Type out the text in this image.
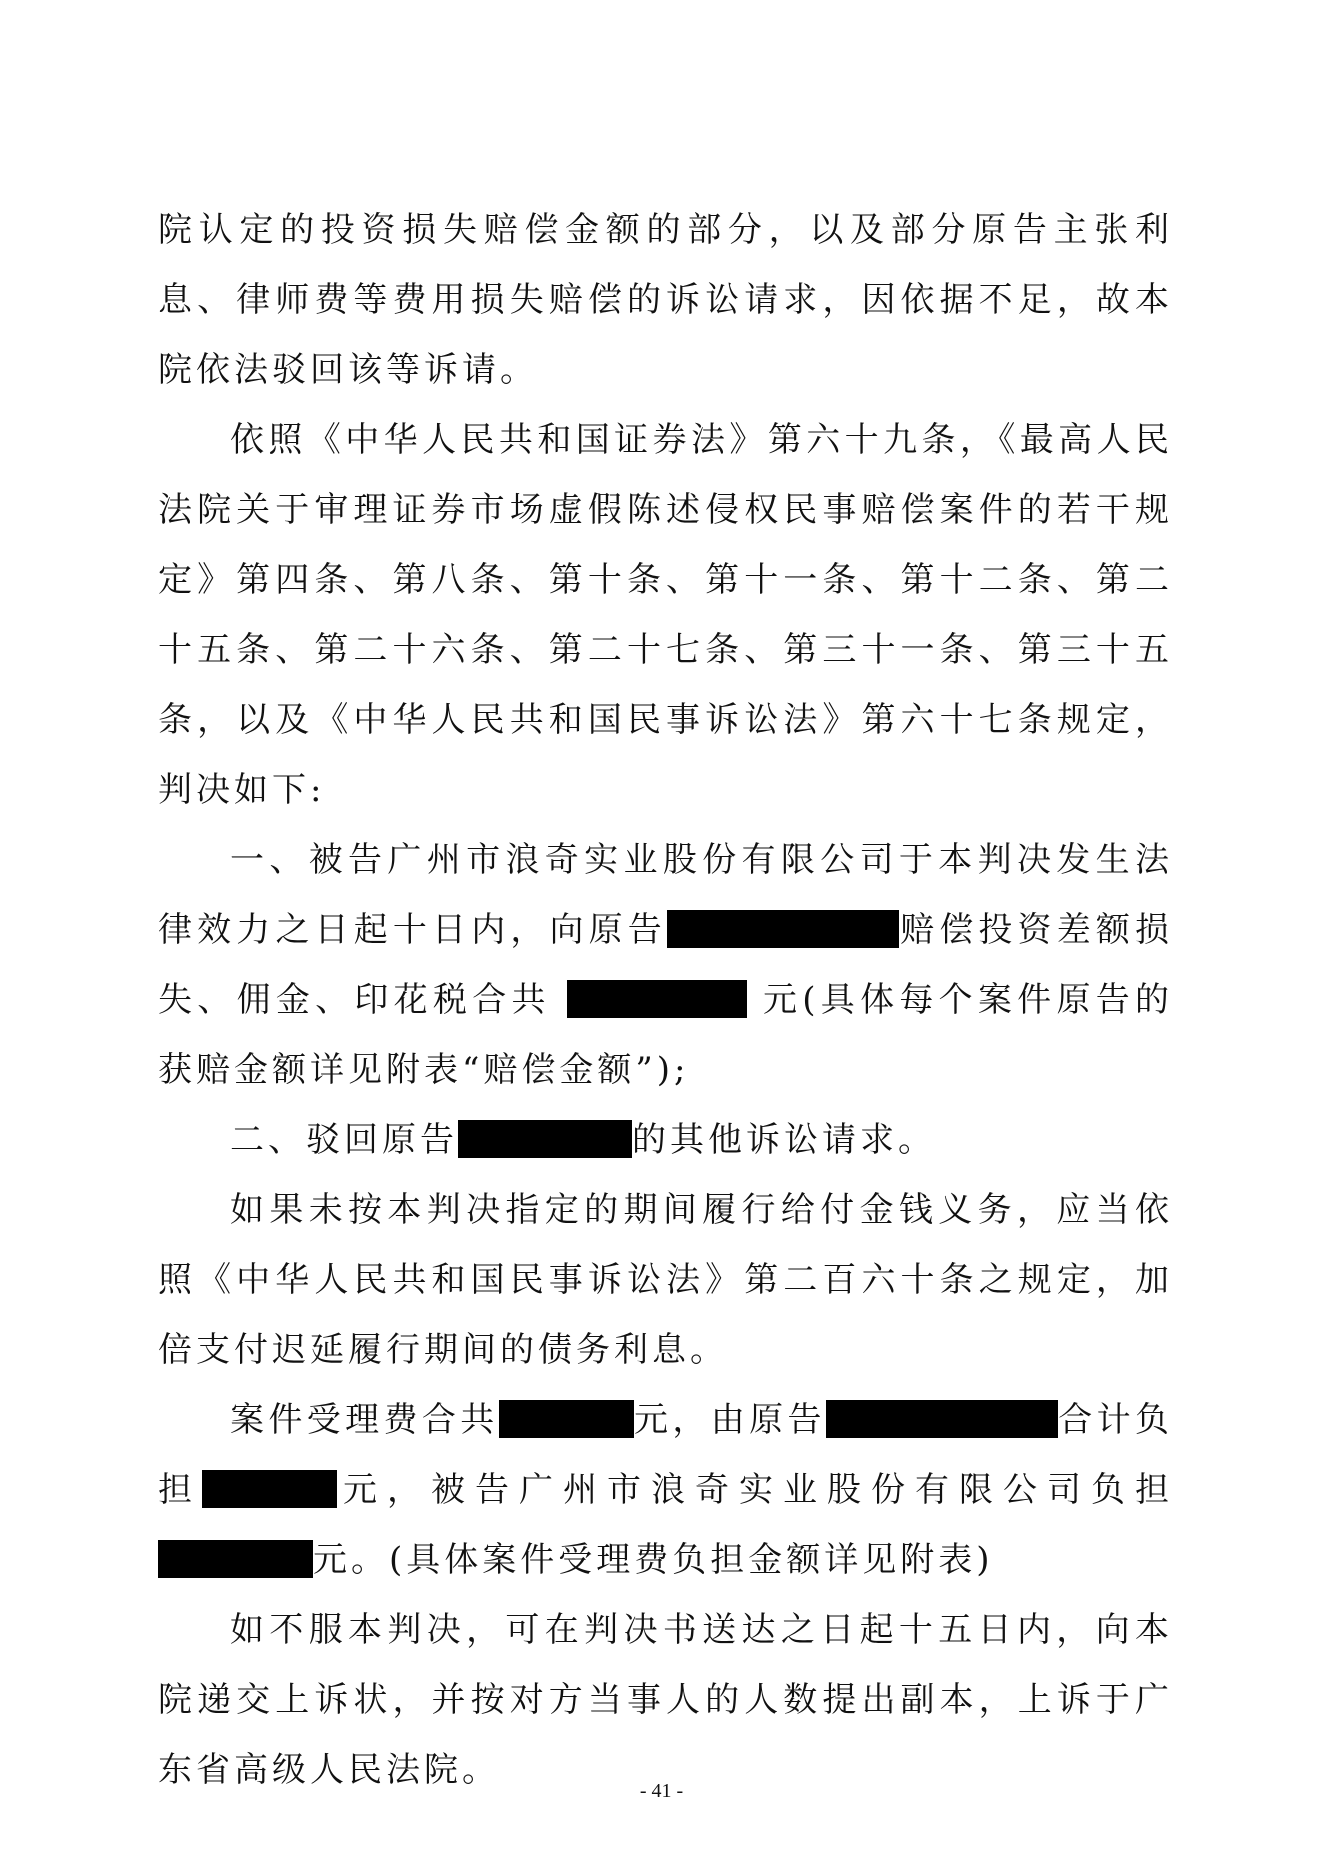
院认定的投资损失赔偿金额的部分，以及部分原告主张利息、律师费等费用损失赔偿的诉讼请求，因依据不足，故本院依法驳回该等诉请。

依照《中华人民共和国证券法》第六十九条，《最高人民法院关于审理证券市场虚假陈述侵权民事赔偿案件的若干规定》第四条、第八条、第十条、第十一条、第十二条、第二十五条、第二十六条、第二十七条、第三十一条、第三十五条，以及《中华人民共和国民事诉讼法》第六十七条规定，判决如下:

一、被告广州市浪奇实业股份有限公司于本判决发生法律效力之日起十日内，向原告	赔偿投资差额损失、佣金、印花税合共	元(具体每个案件原告的获赔金额详见附表“赔偿金额”);

二、驳回原告	的其他诉讼请求。

如果未按本判决指定的期间履行给付金钱义务，应当依照《中华人民共和国民事诉讼法》第二百六十条之规定，加倍支付迟延履行期间的债务利息。

案件受理费合共	元，由原告	合计负担	元，被告广州市浪奇实业股份有限公司负担元。(具体案件受理费负担金额详见附表)

如不服本判决，可在判决书送达之日起十五日内，向本院递交上诉状，并按对方当事人的人数提出副本，上诉于广东省高级人民法院。

- 41 -
